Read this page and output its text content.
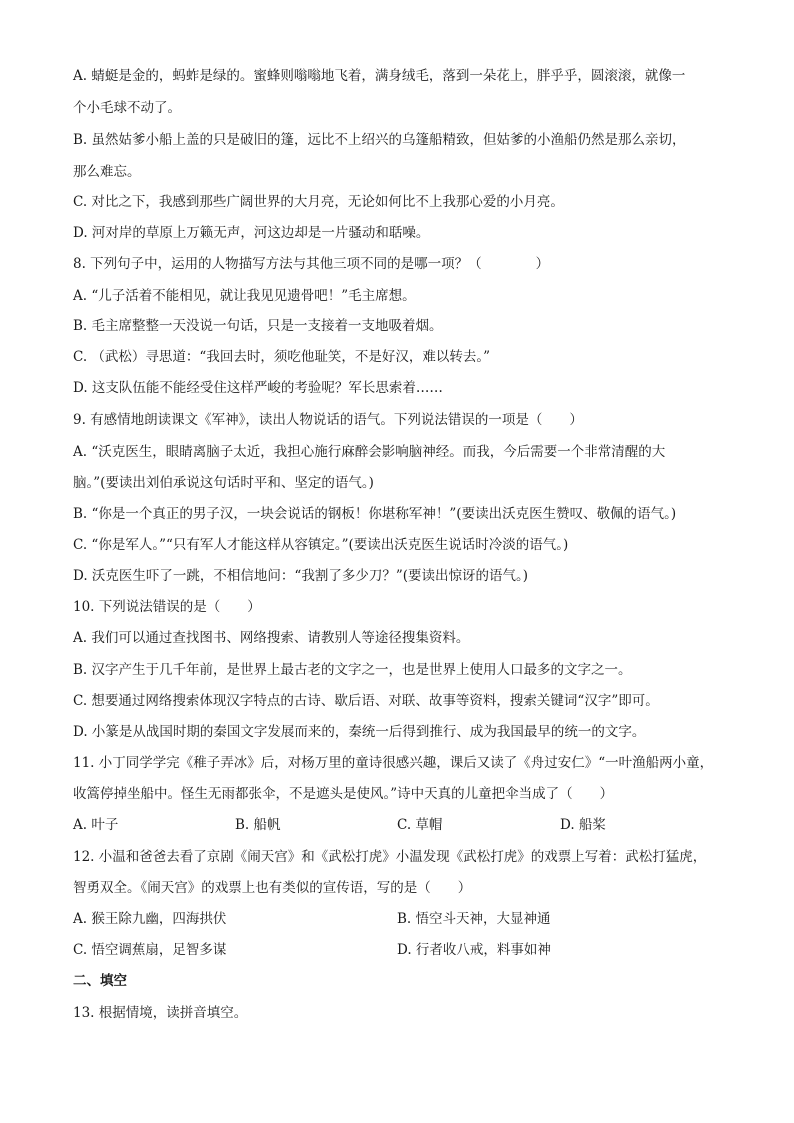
A. 蜻蜓是金的，蚂蚱是绿的。蜜蜂则嗡嗡地飞着，满身绒毛，落到一朵花上，胖乎乎，圆滚滚，就像一
个小毛球不动了。
B. 虽然姑爹小船上盖的只是破旧的篷，远比不上绍兴的乌篷船精致，但姑爹的小渔船仍然是那么亲切，
那么难忘。
C. 对比之下，我感到那些广阔世界的大月亮，无论如何比不上我那心爱的小月亮。
D. 河对岸的草原上万籁无声，河这边却是一片骚动和聒噪。
8. 下列句子中，运用的人物描写方法与其他三项不同的是哪一项？（　　　　）
A. “儿子活着不能相见，就让我见见遗骨吧！”毛主席想。
B. 毛主席整整一天没说一句话，只是一支接着一支地吸着烟。
C. （武松）寻思道：“我回去时，须吃他耻笑，不是好汉，难以转去。”
D. 这支队伍能不能经受住这样严峻的考验呢？军长思索着……
9. 有感情地朗读课文《军神》，读出人物说话的语气。下列说法错误的一项是（　　）
A. “沃克医生，眼睛离脑子太近，我担心施行麻醉会影响脑神经。而我，今后需要一个非常清醒的大
脑。”(要读出刘伯承说这句话时平和、坚定的语气。)
B. “你是一个真正的男子汉，一块会说话的钢板！你堪称军神！”(要读出沃克医生赞叹、敬佩的语气。)
C. “你是军人。”“只有军人才能这样从容镇定。”(要读出沃克医生说话时冷淡的语气。)
D. 沃克医生吓了一跳，不相信地问：“我割了多少刀？”(要读出惊讶的语气。)
10. 下列说法错误的是（　　）
A. 我们可以通过查找图书、网络搜索、请教别人等途径搜集资料。
B. 汉字产生于几千年前，是世界上最古老的文字之一，也是世界上使用人口最多的文字之一。
C. 想要通过网络搜索体现汉字特点的古诗、歇后语、对联、故事等资料，搜索关键词“汉字”即可。
D. 小篆是从战国时期的秦国文字发展而来的，秦统一后得到推行、成为我国最早的统一的文字。
11. 小丁同学学完《稚子弄冰》后，对杨万里的童诗很感兴趣，课后又读了《舟过安仁》“一叶渔船两小童，
收篙停掉坐船中。怪生无雨都张伞，不是遮头是使风。”诗中天真的儿童把伞当成了（　　）
A. 叶子	B. 船帆	C. 草帽	D. 船桨
12. 小温和爸爸去看了京剧《闹天宫》和《武松打虎》小温发现《武松打虎》的戏票上写着：武松打猛虎，
智勇双全。《闹天宫》的戏票上也有类似的宣传语，写的是（　　）
A. 猴王除九幽，四海拱伏	B. 悟空斗天神，大显神通
C. 悟空调蕉扇，足智多谋	D. 行者收八戒，料事如神
二、填空
13. 根据情境，读拼音填空。
